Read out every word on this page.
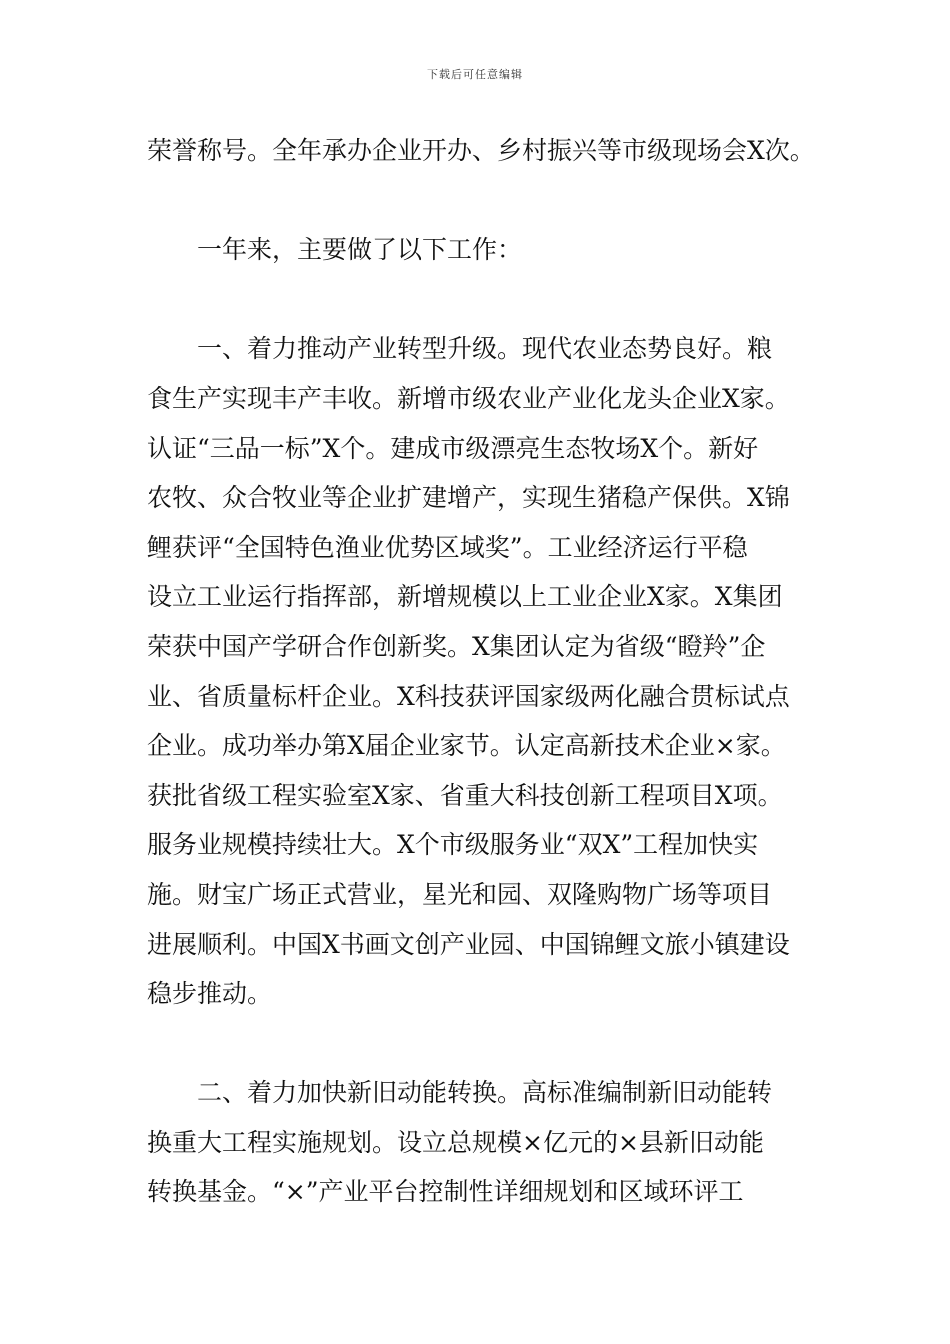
下载后可任意编辑
荣誉称号。全年承办企业开办、乡村振兴等市级现场会X次。
　　一年来，主要做了以下工作：
　　一、着力推动产业转型升级。现代农业态势良好。粮
食生产实现丰产丰收。新增市级农业产业化龙头企业X家。
认证“三品一标”X个。建成市级漂亮生态牧场X个。新好
农牧、众合牧业等企业扩建增产，实现生猪稳产保供。X锦
鲤获评“全国特色渔业优势区域奖”。工业经济运行平稳
设立工业运行指挥部，新增规模以上工业企业X家。X集团
荣获中国产学研合作创新奖。X集团认定为省级“瞪羚”企
业、省质量标杆企业。X科技获评国家级两化融合贯标试点
企业。成功举办第X届企业家节。认定高新技术企业×家。
获批省级工程实验室X家、省重大科技创新工程项目X项。
服务业规模持续壮大。X个市级服务业“双X”工程加快实
施。财宝广场正式营业，星光和园、双隆购物广场等项目
进展顺利。中国X书画文创产业园、中国锦鲤文旅小镇建设
稳步推动。
　　二、着力加快新旧动能转换。高标准编制新旧动能转
换重大工程实施规划。设立总规模×亿元的×县新旧动能
转换基金。“×”产业平台控制性详细规划和区域环评工
